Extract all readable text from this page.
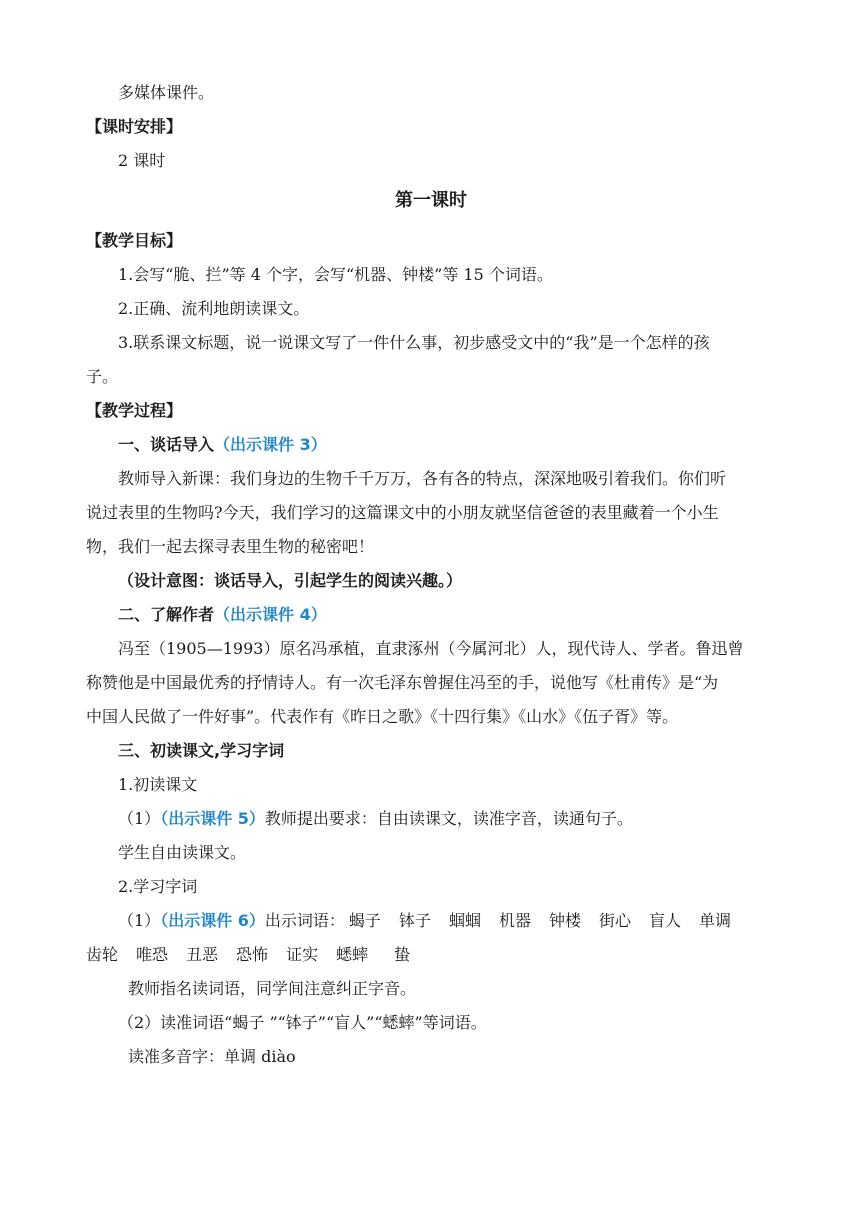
多媒体课件。

【课时安排】

2 课时

第一课时

【教学目标】

1.会写“脆、拦”等 4 个字，会写“机器、钟楼”等 15 个词语。

2.正确、流利地朗读课文。

3.联系课文标题，说一说课文写了一件什么事，初步感受文中的“我”是一个怎样的孩

子。

【教学过程】

一、谈话导入（出示课件 3）

教师导入新课：我们身边的生物千千万万，各有各的特点，深深地吸引着我们。你们听

说过表里的生物吗?今天，我们学习的这篇课文中的小朋友就坚信爸爸的表里藏着一个小生

物，我们一起去探寻表里生物的秘密吧！

（设计意图：谈话导入，引起学生的阅读兴趣。）

二、了解作者（出示课件 4）

冯至（1905—1993）原名冯承植，直隶涿州（今属河北）人，现代诗人、学者。鲁迅曾

称赞他是中国最优秀的抒情诗人。有一次毛泽东曾握住冯至的手，说他写《杜甫传》是“为

中国人民做了一件好事”。代表作有《昨日之歌》《十四行集》《山水》《伍子胥》等。

三、初读课文,学习字词

1.初读课文

（1）（出示课件 5）教师提出要求：自由读课文，读准字音，读通句子。

学生自由读课文。

2.学习字词

（1）（出示课件 6）出示词语： 蝎子 钵子 蝈蝈 机器 钟楼 街心 盲人 单调

齿轮 唯恐 丑恶 恐怖 证实 蟋蟀 蛰

教师指名读词语，同学间注意纠正字音。

（2）读准词语“蝎子 ”“钵子”“盲人”“蟋蟀”等词语。

读准多音字：单调 diào
